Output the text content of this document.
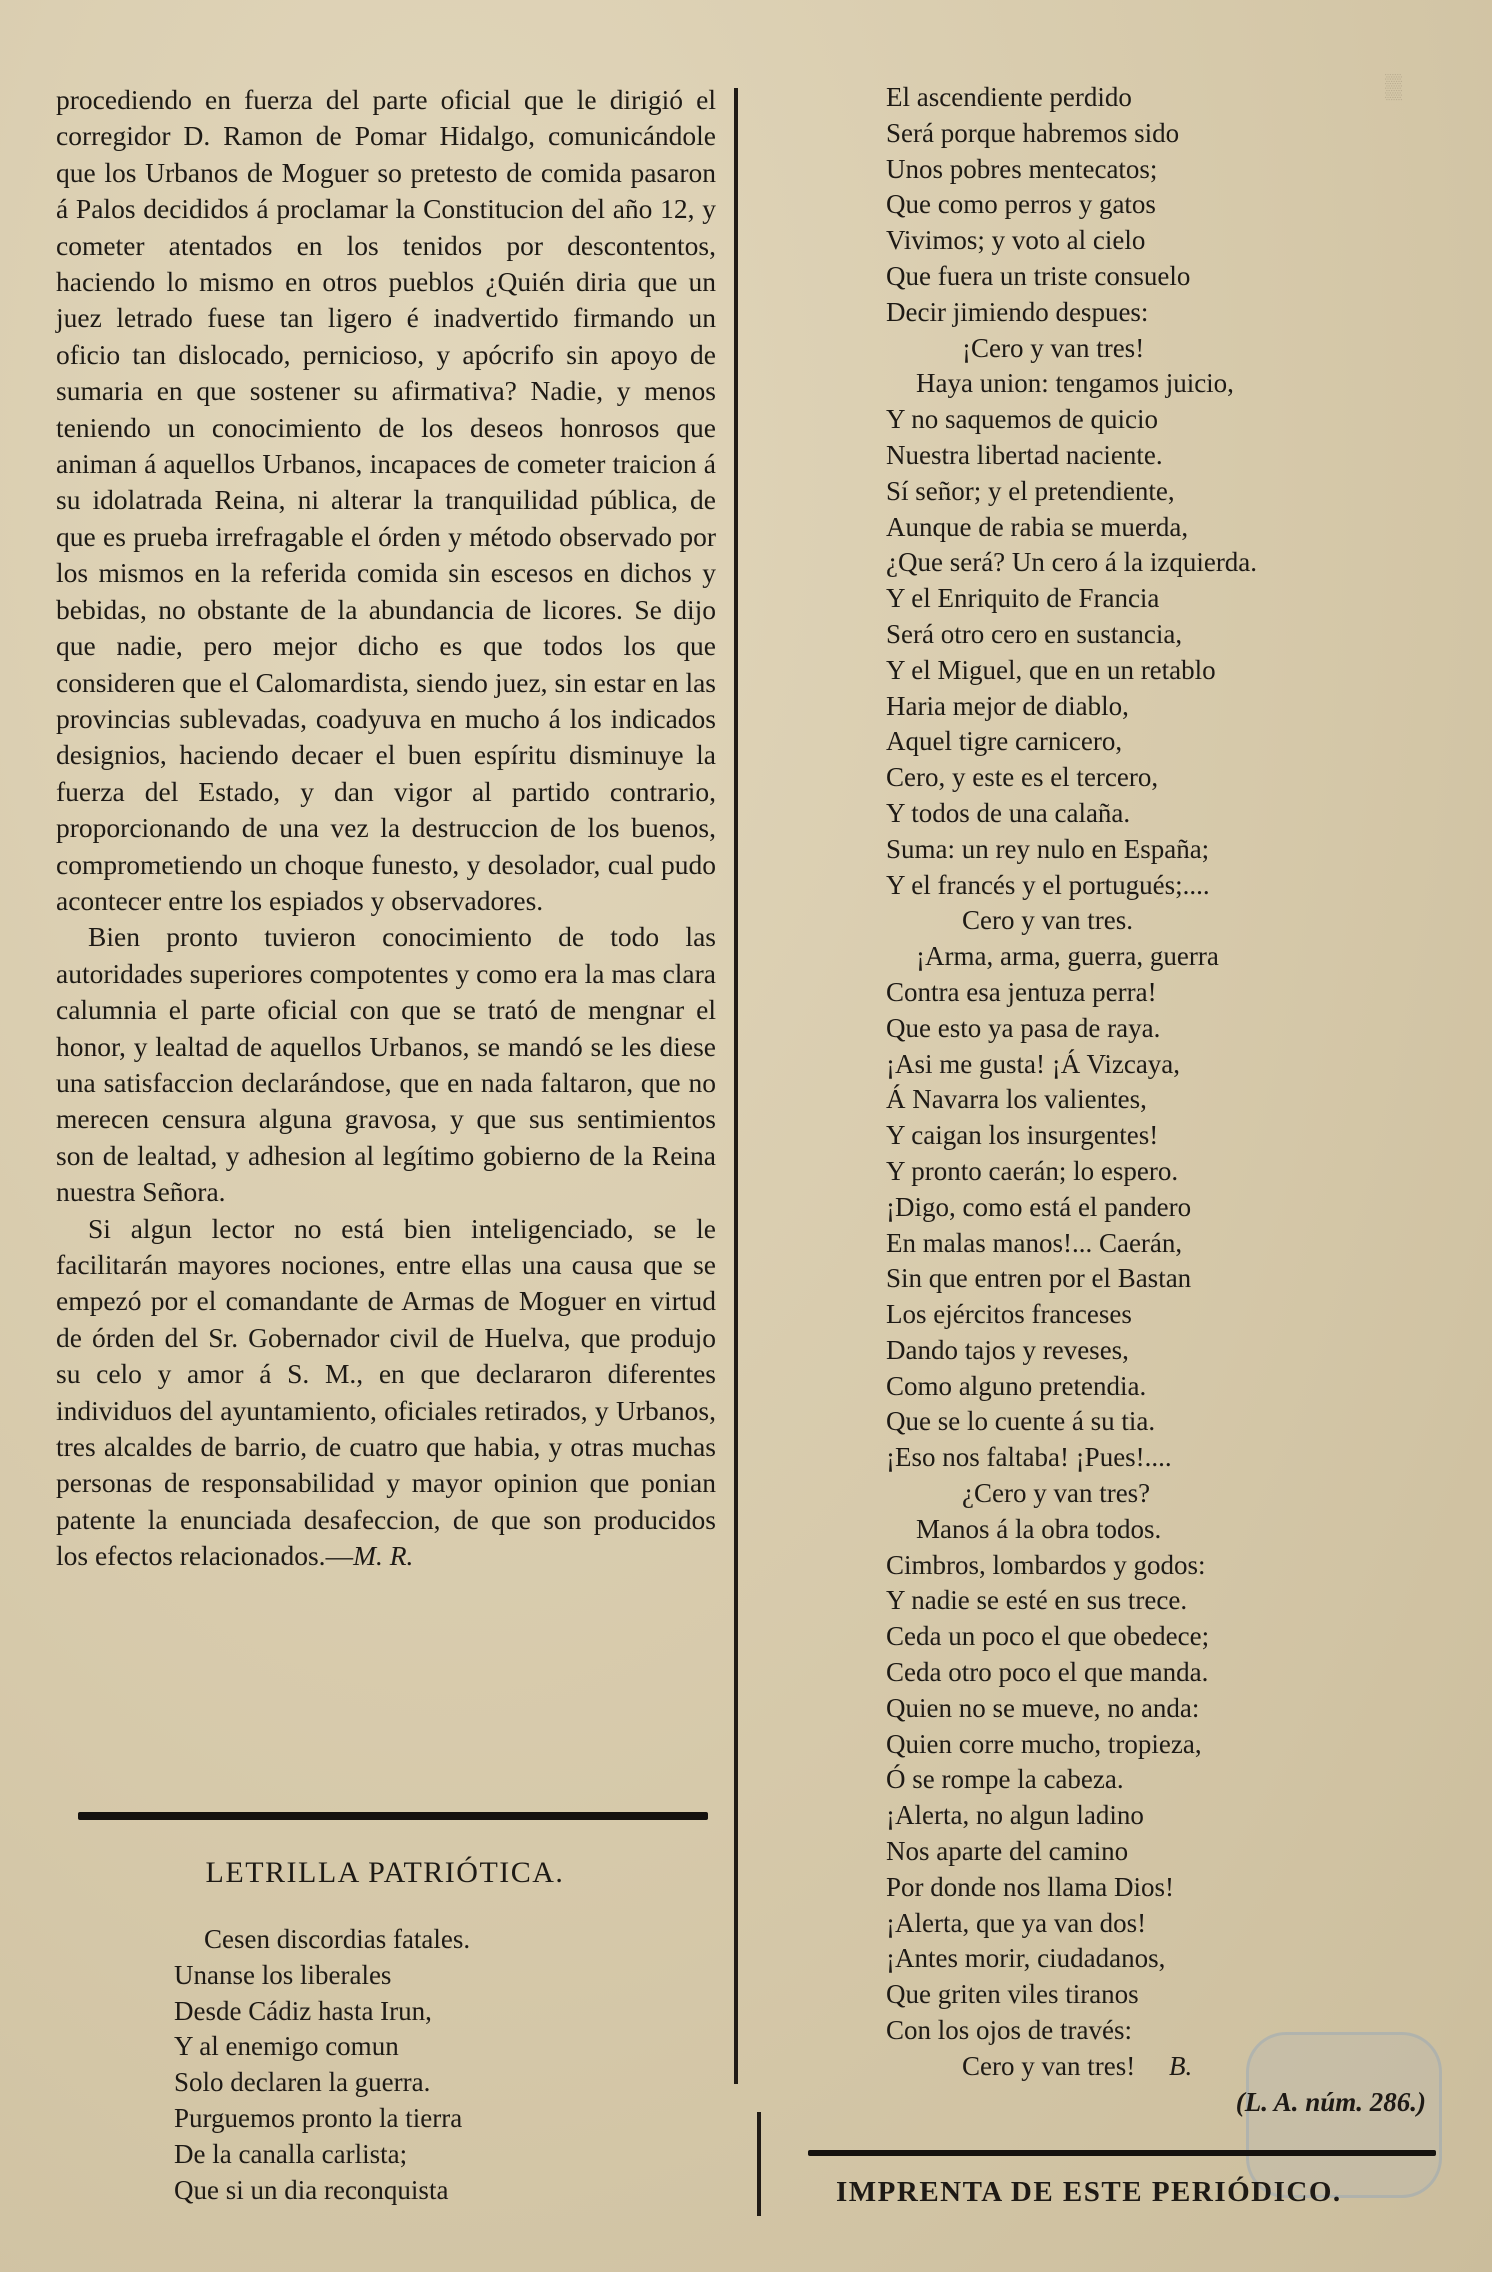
▒

procediendo en fuerza del parte oficial que le dirigió el corregidor D. Ramon de Pomar Hidalgo, comunicándole que los Urbanos de Moguer so pretesto de comida pasaron á Palos decididos á proclamar la Constitucion del año 12, y cometer atentados en los tenidos por descontentos, haciendo lo mismo en otros pueblos ¿Quién diria que un juez letrado fuese tan ligero é inadvertido firmando un oficio tan dislocado, pernicioso, y apócrifo sin apoyo de sumaria en que sostener su afirmativa? Nadie, y menos teniendo un conocimiento de los deseos honrosos que animan á aquellos Urbanos, incapaces de cometer traicion á su idolatrada Reina, ni alterar la tranquilidad pública, de que es prueba irrefragable el órden y método observado por los mismos en la referida comida sin escesos en dichos y bebidas, no obstante de la abundancia de licores. Se dijo que nadie, pero mejor dicho es que todos los que consideren que el Calomardista, siendo juez, sin estar en las provincias sublevadas, coadyuva en mucho á los indicados designios, haciendo decaer el buen espíritu disminuye la fuerza del Estado, y dan vigor al partido contrario, proporcionando de una vez la destruccion de los buenos, comprometiendo un choque funesto, y desolador, cual pudo acontecer entre los espiados y observadores.

Bien pronto tuvieron conocimiento de todo las autoridades superiores compotentes y como era la mas clara calumnia el parte oficial con que se trató de mengnar el honor, y lealtad de aquellos Urbanos, se mandó se les diese una satisfaccion declarándose, que en nada faltaron, que no merecen censura alguna gravosa, y que sus sentimientos son de lealtad, y adhesion al legítimo gobierno de la Reina nuestra Señora.

Si algun lector no está bien inteligenciado, se le facilitarán mayores nociones, entre ellas una causa que se empezó por el comandante de Armas de Moguer en virtud de órden del Sr. Gobernador civil de Huelva, que produjo su celo y amor á S. M., en que declararon diferentes individuos del ayuntamiento, oficiales retirados, y Urbanos, tres alcaldes de barrio, de cuatro que habia, y otras muchas personas de responsabilidad y mayor opinion que ponian patente la enunciada desafeccion, de que son producidos los efectos relacionados.—M. R.

LETRILLA PATRIÓTICA.

Cesen discordias fatales.

Unanse los liberales

Desde Cádiz hasta Irun,

Y al enemigo comun

Solo declaren la guerra.

Purguemos pronto la tierra

De la canalla carlista;

Que si un dia reconquista

El ascendiente perdido

Será porque habremos sido

Unos pobres mentecatos;

Que como perros y gatos

Vivimos; y voto al cielo

Que fuera un triste consuelo

Decir jimiendo despues:

¡Cero y van tres!

Haya union: tengamos juicio,

Y no saquemos de quicio

Nuestra libertad naciente.

Sí señor; y el pretendiente,

Aunque de rabia se muerda,

¿Que será? Un cero á la izquierda.

Y el Enriquito de Francia

Será otro cero en sustancia,

Y el Miguel, que en un retablo

Haria mejor de diablo,

Aquel tigre carnicero,

Cero, y este es el tercero,

Y todos de una calaña.

Suma: un rey nulo en España;

Y el francés y el portugués;....

Cero y van tres.

¡Arma, arma, guerra, guerra

Contra esa jentuza perra!

Que esto ya pasa de raya.

¡Asi me gusta! ¡Á Vizcaya,

Á Navarra los valientes,

Y caigan los insurgentes!

Y pronto caerán; lo espero.

¡Digo, como está el pandero

En malas manos!... Caerán,

Sin que entren por el Bastan

Los ejércitos franceses

Dando tajos y reveses,

Como alguno pretendia.

Que se lo cuente á su tia.

¡Eso nos faltaba! ¡Pues!....

¿Cero y van tres?

Manos á la obra todos.

Cimbros, lombardos y godos:

Y nadie se esté en sus trece.

Ceda un poco el que obedece;

Ceda otro poco el que manda.

Quien no se mueve, no anda:

Quien corre mucho, tropieza,

Ó se rompe la cabeza.

¡Alerta, no algun ladino

Nos aparte del camino

Por donde nos llama Dios!

¡Alerta, que ya van dos!

¡Antes morir, ciudadanos,

Que griten viles tiranos

Con los ojos de través:

Cero y van tres! B.

(L. A. núm. 286.)

IMPRENTA DE ESTE PERIÓDICO.
